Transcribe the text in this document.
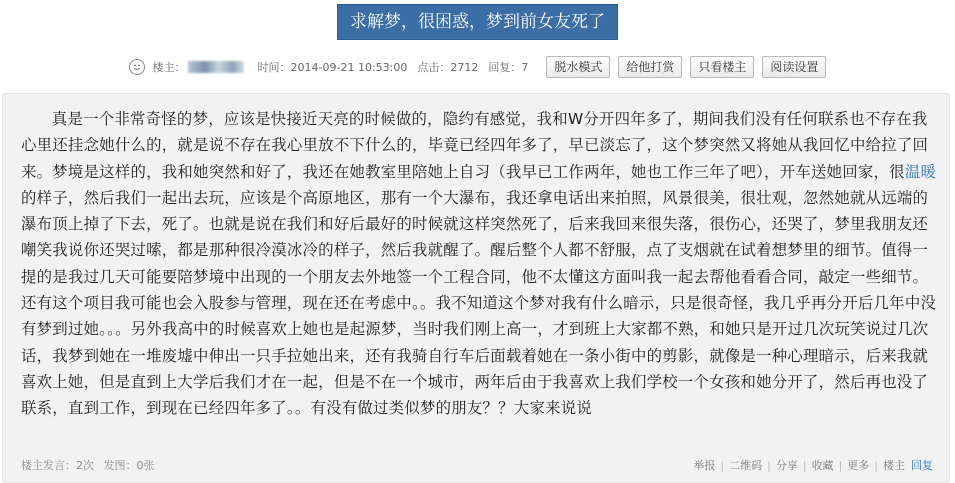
求解梦，很困惑，梦到前女友死了
楼主：	时间：2014-09-21 10:53:00 点击：2712 回复：7	脱水模式	给他打赏	只看楼主	阅读设置
真是一个非常奇怪的梦，应该是快接近天亮的时候做的，隐约有感觉，我和W分开四年多了，期间我们没有任何联系也不存在我心里还挂念她什么的，就是说不存在我心里放不下什么的，毕竟已经四年多了，早已淡忘了，这个梦突然又将她从我回忆中给拉了回来。梦境是这样的，我和她突然和好了，我还在她教室里陪她上自习（我早已工作两年，她也工作三年了吧），开车送她回家，很温暖的样子，然后我们一起出去玩，应该是个高原地区，那有一个大瀑布，我还拿电话出来拍照，风景很美，很壮观，忽然她就从远端的瀑布顶上掉了下去，死了。也就是说在我们和好后最好的时候就这样突然死了，后来我回来很失落，很伤心，还哭了，梦里我朋友还嘲笑我说你还哭过嗦，都是那种很冷漠冰冷的样子，然后我就醒了。醒后整个人都不舒服，点了支烟就在试着想梦里的细节。值得一提的是我过几天可能要陪梦境中出现的一个朋友去外地签一个工程合同，他不太懂这方面叫我一起去帮他看看合同，敲定一些细节。还有这个项目我可能也会入股参与管理，现在还在考虑中。。我不知道这个梦对我有什么暗示，只是很奇怪，我几乎再分开后几年中没有梦到过她。。。另外我高中的时候喜欢上她也是起源梦，当时我们刚上高一，才到班上大家都不熟，和她只是开过几次玩笑说过几次话，我梦到她在一堆废墟中伸出一只手拉她出来，还有我骑自行车后面载着她在一条小街中的剪影，就像是一种心理暗示，后来我就喜欢上她，但是直到上大学后我们才在一起，但是不在一个城市，两年后由于我喜欢上我们学校一个女孩和她分开了，然后再也没了联系，直到工作，到现在已经四年多了。。有没有做过类似梦的朋友？？大家来说说
楼主发言：2次 发图：0张	举报 | 二维码 | 分享 | 收藏 | 更多 | 楼主 回复
